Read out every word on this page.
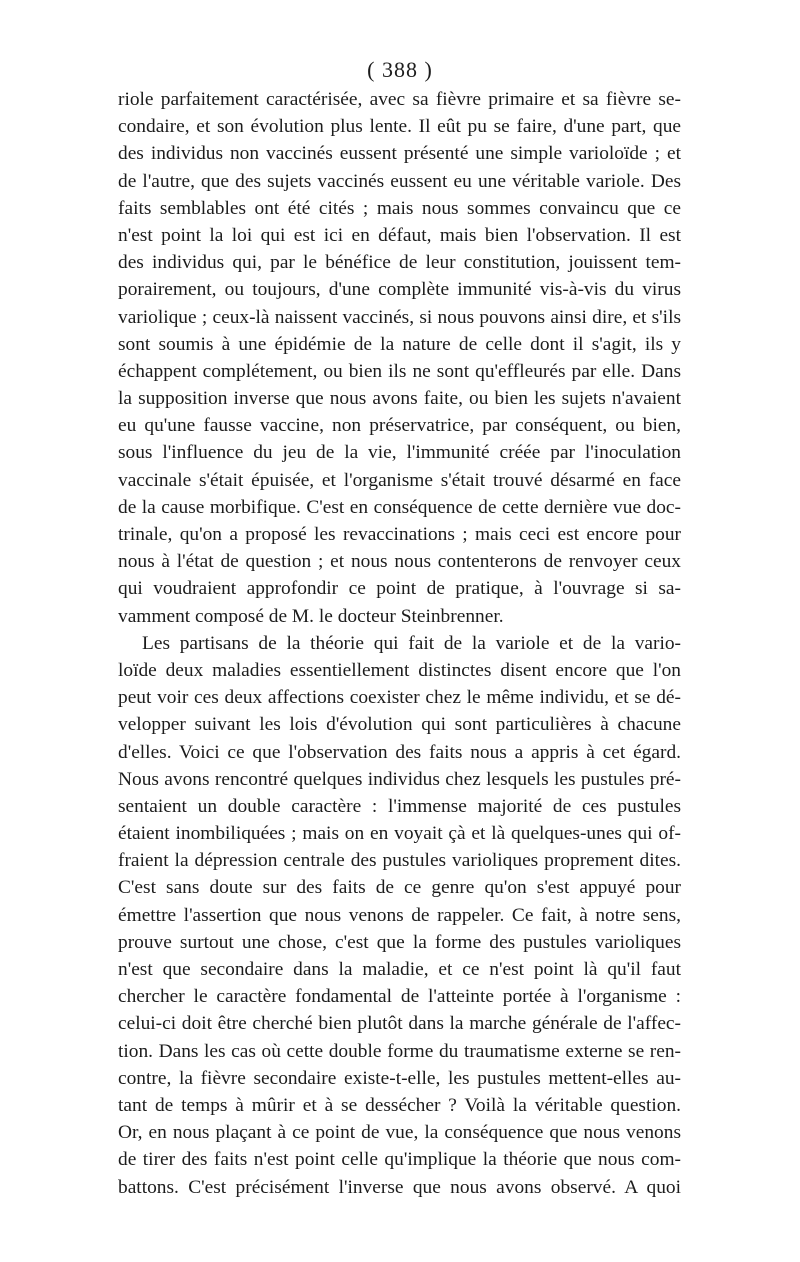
( 388 )
riole parfaitement caractérisée, avec sa fièvre primaire et sa fièvre se-
condaire, et son évolution plus lente. Il eût pu se faire, d'une part, que
des individus non vaccinés eussent présenté une simple varioloïde ; et
de l'autre, que des sujets vaccinés eussent eu une véritable variole. Des
faits semblables ont été cités ; mais nous sommes convaincu que ce
n'est point la loi qui est ici en défaut, mais bien l'observation. Il est
des individus qui, par le bénéfice de leur constitution, jouissent tem-
porairement, ou toujours, d'une complète immunité vis-à-vis du virus
variolique ; ceux-là naissent vaccinés, si nous pouvons ainsi dire, et s'ils
sont soumis à une épidémie de la nature de celle dont il s'agit, ils y
échappent complétement, ou bien ils ne sont qu'effleurés par elle. Dans
la supposition inverse que nous avons faite, ou bien les sujets n'avaient
eu qu'une fausse vaccine, non préservatrice, par conséquent, ou bien,
sous l'influence du jeu de la vie, l'immunité créée par l'inoculation
vaccinale s'était épuisée, et l'organisme s'était trouvé désarmé en face
de la cause morbifique. C'est en conséquence de cette dernière vue doc-
trinale, qu'on a proposé les revaccinations ; mais ceci est encore pour
nous à l'état de question ; et nous nous contenterons de renvoyer ceux
qui voudraient approfondir ce point de pratique, à l'ouvrage si sa-
vamment composé de M. le docteur Steinbrenner.
Les partisans de la théorie qui fait de la variole et de la vario-
loïde deux maladies essentiellement distinctes disent encore que l'on
peut voir ces deux affections coexister chez le même individu, et se dé-
velopper suivant les lois d'évolution qui sont particulières à chacune
d'elles. Voici ce que l'observation des faits nous a appris à cet égard.
Nous avons rencontré quelques individus chez lesquels les pustules pré-
sentaient un double caractère : l'immense majorité de ces pustules
étaient inombiliquées ; mais on en voyait çà et là quelques-unes qui of-
fraient la dépression centrale des pustules varioliques proprement dites.
C'est sans doute sur des faits de ce genre qu'on s'est appuyé pour
émettre l'assertion que nous venons de rappeler. Ce fait, à notre sens,
prouve surtout une chose, c'est que la forme des pustules varioliques
n'est que secondaire dans la maladie, et ce n'est point là qu'il faut
chercher le caractère fondamental de l'atteinte portée à l'organisme :
celui-ci doit être cherché bien plutôt dans la marche générale de l'affec-
tion. Dans les cas où cette double forme du traumatisme externe se ren-
contre, la fièvre secondaire existe-t-elle, les pustules mettent-elles au-
tant de temps à mûrir et à se dessécher ? Voilà la véritable question.
Or, en nous plaçant à ce point de vue, la conséquence que nous venons
de tirer des faits n'est point celle qu'implique la théorie que nous com-
battons. C'est précisément l'inverse que nous avons observé. A quoi
